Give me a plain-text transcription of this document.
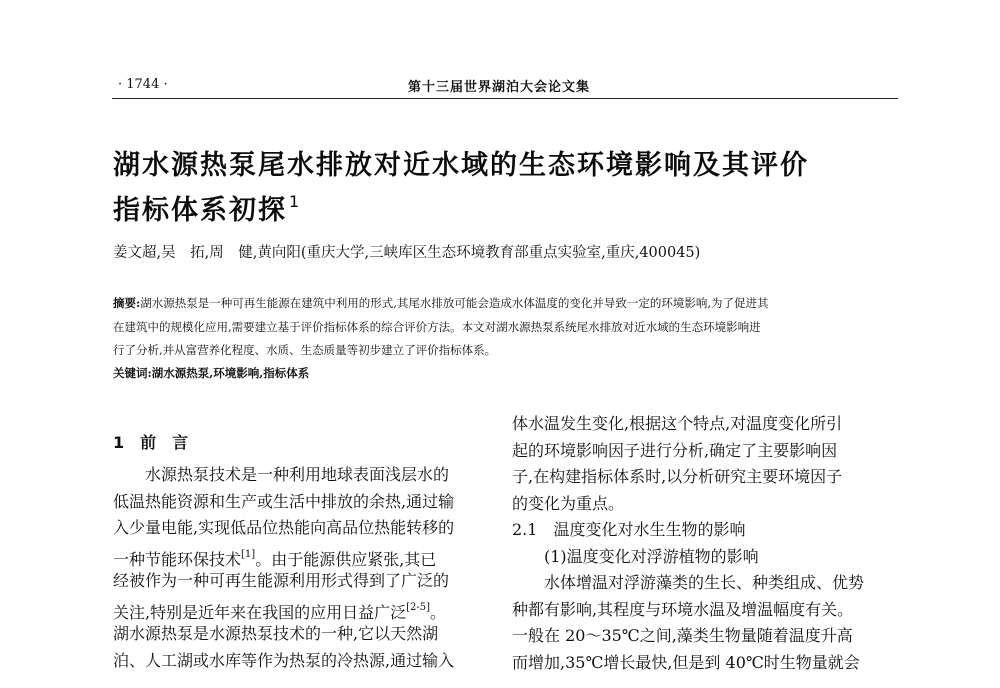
· 1744 ·	第十三届世界湖泊大会论文集
湖水源热泵尾水排放对近水域的生态环境影响及其评价
指标体系初探 $^1$
姜文超,吴　拓,周　健,黄向阳(重庆大学,三峡库区生态环境教育部重点实验室,重庆,400045)
摘要:湖水源热泵是一种可再生能源在建筑中利用的形式,其尾水排放可能会造成水体温度的变化并导致一定的环境影响,为了促进其
在建筑中的规模化应用,需要建立基于评价指标体系的综合评价方法。本文对湖水源热泵系统尾水排放对近水域的生态环境影响进
行了分析,并从富营养化程度、水质、生态质量等初步建立了评价指标体系。
关键词:湖水源热泵,环境影响,指标体系
1　前　言
　　水源热泵技术是一种利用地球表面浅层水的
低温热能资源和生产或生活中排放的余热,通过输
入少量电能,实现低品位热能向高品位热能转移的
一种节能环保技术[1]。由于能源供应紧张,其已
经被作为一种可再生能源利用形式得到了广泛的
关注,特别是近年来在我国的应用日益广泛[2-5]。
湖水源热泵是水源热泵技术的一种,它以天然湖
泊、人工湖或水库等作为热泵的冷热源,通过输入
体水温发生变化,根据这个特点,对温度变化所引
起的环境影响因子进行分析,确定了主要影响因
子,在构建指标体系时,以分析研究主要环境因子
的变化为重点。
2.1　温度变化对水生生物的影响
　　(1)温度变化对浮游植物的影响
　　水体增温对浮游藻类的生长、种类组成、优势
种都有影响,其程度与环境水温及增温幅度有关。
一般在 20～35℃之间,藻类生物量随着温度升高
而增加,35℃增长最快,但是到 40℃时生物量就会
